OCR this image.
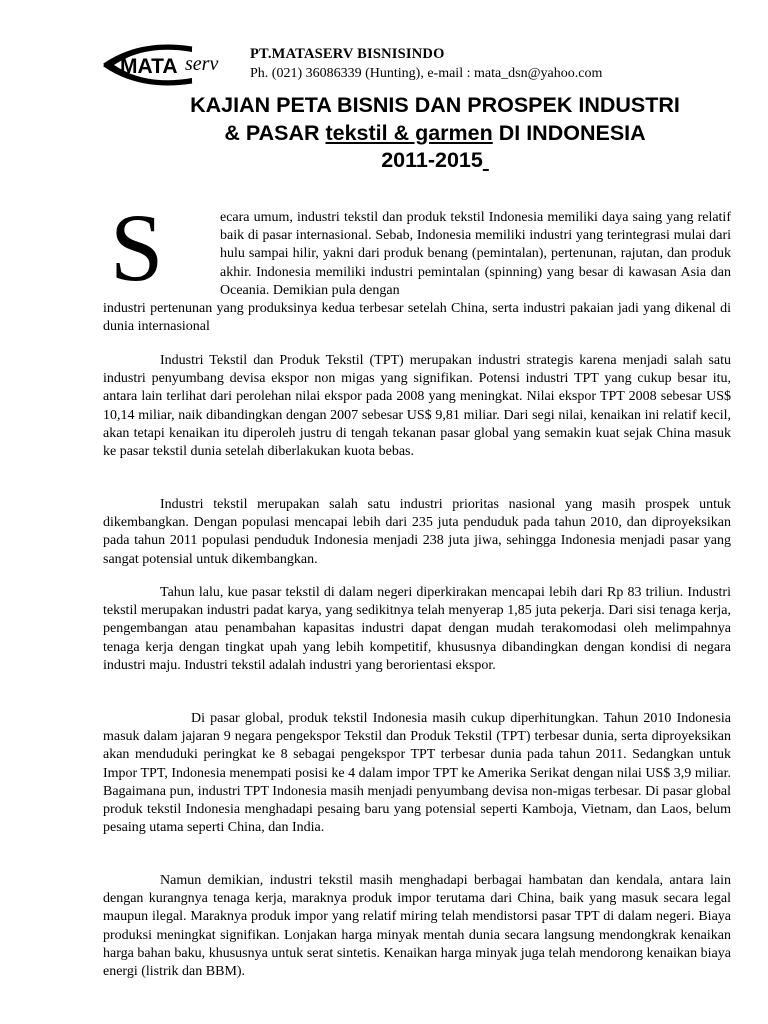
MATA serv PT.MATASERV BISNISINDO
Ph. (021) 36086339 (Hunting), e-mail : mata_dsn@yahoo.com
KAJIAN PETA BISNIS DAN PROSPEK INDUSTRI
& PASAR tekstil & garmen DI INDONESIA
2011-2015
S	ecara umum, industri tekstil dan produk tekstil Indonesia memiliki daya saing yang relatif baik di pasar internasional. Sebab, Indonesia memiliki industri yang terintegrasi mulai dari hulu sampai hilir, yakni dari produk benang (pemintalan), pertenunan, rajutan, dan produk akhir. Indonesia memiliki industri pemintalan (spinning) yang besar di kawasan Asia dan Oceania. Demikian pula dengan
industri pertenunan yang produksinya kedua terbesar setelah China, serta industri pakaian jadi yang dikenal di dunia internasional
Industri Tekstil dan Produk Tekstil (TPT) merupakan industri strategis karena menjadi salah satu industri penyumbang devisa ekspor non migas yang signifikan. Potensi industri TPT yang cukup besar itu, antara lain terlihat dari perolehan nilai ekspor pada 2008 yang meningkat. Nilai ekspor TPT 2008 sebesar US$ 10,14 miliar, naik dibandingkan dengan 2007 sebesar US$ 9,81 miliar. Dari segi nilai, kenaikan ini relatif kecil, akan tetapi kenaikan itu diperoleh justru di tengah tekanan pasar global yang semakin kuat sejak China masuk ke pasar tekstil dunia setelah diberlakukan kuota bebas.
Industri tekstil merupakan salah satu industri prioritas nasional yang masih prospek untuk dikembangkan. Dengan populasi mencapai lebih dari 235 juta penduduk pada tahun 2010, dan diproyeksikan pada tahun 2011 populasi penduduk Indonesia menjadi 238 juta jiwa, sehingga Indonesia menjadi pasar yang sangat potensial untuk dikembangkan.
Tahun lalu, kue pasar tekstil di dalam negeri diperkirakan mencapai lebih dari Rp 83 triliun. Industri tekstil merupakan industri padat karya, yang sedikitnya telah menyerap 1,85 juta pekerja. Dari sisi tenaga kerja, pengembangan atau penambahan kapasitas industri dapat dengan mudah terakomodasi oleh melimpahnya tenaga kerja dengan tingkat upah yang lebih kompetitif, khususnya dibandingkan dengan kondisi di negara industri maju. Industri tekstil adalah industri yang berorientasi ekspor.
Di pasar global, produk tekstil Indonesia masih cukup diperhitungkan. Tahun 2010 Indonesia masuk dalam jajaran 9 negara pengekspor Tekstil dan Produk Tekstil (TPT) terbesar dunia, serta diproyeksikan akan menduduki peringkat ke 8 sebagai pengekspor TPT terbesar dunia pada tahun 2011. Sedangkan untuk Impor TPT, Indonesia menempati posisi ke 4 dalam impor TPT ke Amerika Serikat dengan nilai US$ 3,9 miliar. Bagaimana pun, industri TPT Indonesia masih menjadi penyumbang devisa non-migas terbesar. Di pasar global produk tekstil Indonesia menghadapi pesaing baru yang potensial seperti Kamboja, Vietnam, dan Laos, belum pesaing utama seperti China, dan India.
Namun demikian, industri tekstil masih menghadapi berbagai hambatan dan kendala, antara lain dengan kurangnya tenaga kerja, maraknya produk impor terutama dari China, baik yang masuk secara legal maupun ilegal. Maraknya produk impor yang relatif miring telah mendistorsi pasar TPT di dalam negeri. Biaya produksi meningkat signifikan. Lonjakan harga minyak mentah dunia secara langsung mendongkrak kenaikan harga bahan baku, khususnya untuk serat sintetis. Kenaikan harga minyak juga telah mendorong kenaikan biaya energi (listrik dan BBM).
